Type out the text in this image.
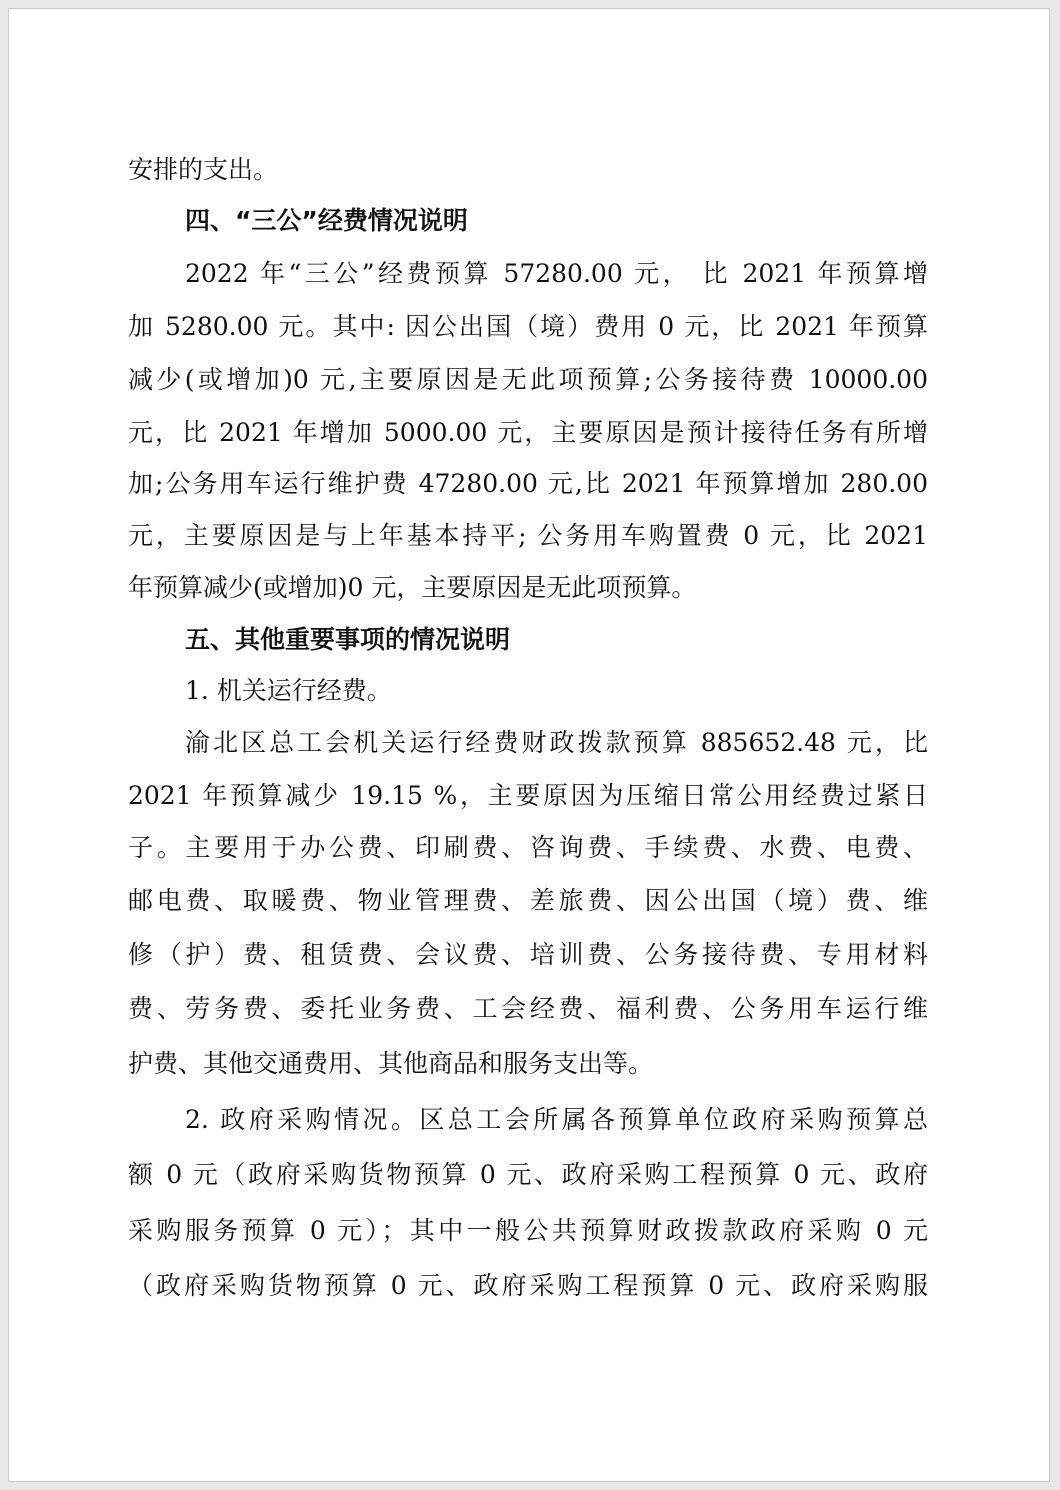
安排的支出。
四、“三公”经费情况说明
2022 年“三公”经费预算 57280.00 元， 比 2021 年预算增
加 5280.00 元。其中: 因公出国（境）费用 0 元，比 2021 年预算
减少(或增加)0 元,主要原因是无此项预算;公务接待费 10000.00
元，比 2021 年增加 5000.00 元，主要原因是预计接待任务有所增
加;公务用车运行维护费 47280.00 元,比 2021 年预算增加 280.00
元，主要原因是与上年基本持平; 公务用车购置费 0 元，比 2021
年预算减少(或增加)0 元，主要原因是无此项预算。
五、其他重要事项的情况说明
1. 机关运行经费。
渝北区总工会机关运行经费财政拨款预算 885652.48 元，比
2021 年预算减少 19.15 %，主要原因为压缩日常公用经费过紧日
子。主要用于办公费、印刷费、咨询费、手续费、水费、电费、
邮电费、取暖费、物业管理费、差旅费、因公出国（境）费、维
修（护）费、租赁费、会议费、培训费、公务接待费、专用材料
费、劳务费、委托业务费、工会经费、福利费、公务用车运行维
护费、其他交通费用、其他商品和服务支出等。
2. 政府采购情况。区总工会所属各预算单位政府采购预算总
额 0 元（政府采购货物预算 0 元、政府采购工程预算 0 元、政府
采购服务预算 0 元）；其中一般公共预算财政拨款政府采购 0 元
（政府采购货物预算 0 元、政府采购工程预算 0 元、政府采购服
